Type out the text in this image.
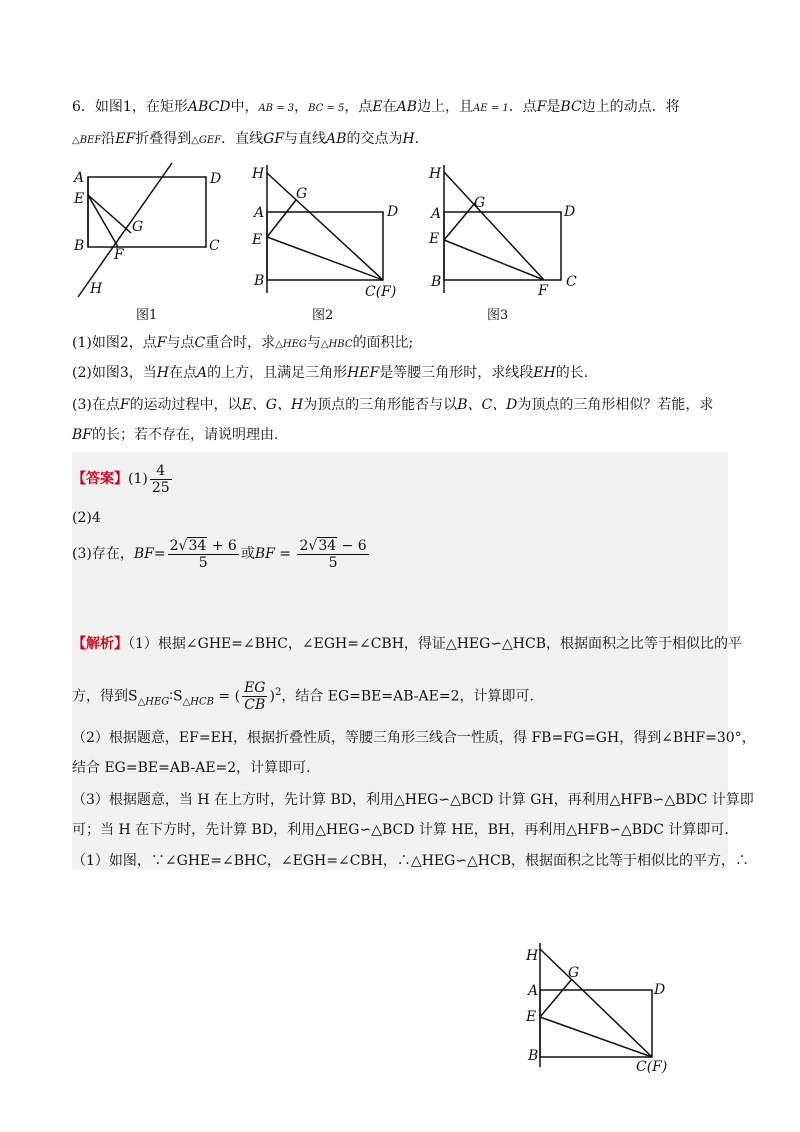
6．如图1，在矩形ABCD中，AB = 3，BC = 5，点E在AB边上，且AE = 1．点F是BC边上的动点．将
△BEF沿EF折叠得到△GEF．直线GF与直线AB的交点为H.
A	D
E
G
B
F
C
H
图1
H
G
A	D
E
B
C(F)
图2
H
G
A	D
E
B
F
C
图3
(1)如图2，点F与点C重合时，求△HEG与△HBC的面积比;
(2)如图3，当H在点A的上方，且满足三角形HEF是等腰三角形时，求线段EH的长.
(3)在点F的运动过程中，以E、G、H为顶点的三角形能否与以B、C、D为顶点的三角形相似？若能，求
BF的长；若不存在，请说明理由.
【答案】$(1) \frac{4}{25}$
(2)4
(3)存在，$BF= \frac{2√34 + 6}{5}$ 或BF = $\frac{2√34 - 6}{5}$
【解析】（1）根据∠GHE=∠BHC，∠EGH=∠CBH，得证△HEG∽△HCB，根据面积之比等于相似比的平
方，得到$S_{\triangle HEG}∶S_{\triangle HCB}$ = ( $\frac{EG}{CB} )^2$，结合 EG=BE=AB-AE=2，计算即可.
（2）根据题意，EF=EH，根据折叠性质，等腰三角形三线合一性质，得 FB=FG=GH，得到∠BHF=30°，
结合 EG=BE=AB-AE=2，计算即可.
（3）根据题意，当 H 在上方时，先计算 BD，利用△HEG∽△BCD 计算 GH，再利用△HFB∽△BDC 计算即
可；当 H 在下方时，先计算 BD，利用△HEG∽△BCD 计算 HE，BH，再利用△HFB∽△BDC 计算即可.
（1）如图，∵∠GHE=∠BHC，∠EGH=∠CBH，∴△HEG∽△HCB，根据面积之比等于相似比的平方，∴
H
G
A	D
E
B
C(F)
